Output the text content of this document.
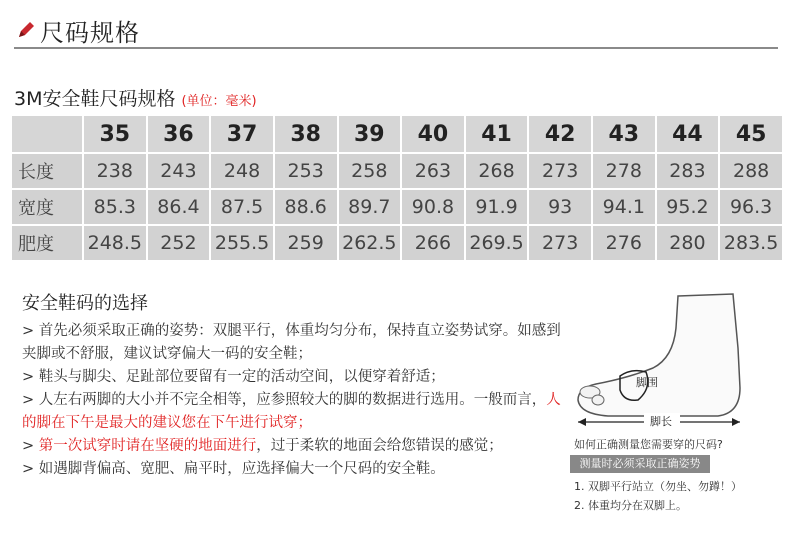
尺码规格
3M安全鞋尺码规格 (单位：毫米)
	35	36	37	38	39	40	41	42	43	44	45
长度	238	243	248	253	258	263	268	273	278	283	288
宽度	85.3	86.4	87.5	88.6	89.7	90.8	91.9	93	94.1	95.2	96.3
肥度	248.5	252	255.5	259	262.5	266	269.5	273	276	280	283.5
安全鞋码的选择
> 首先必须采取正确的姿势：双腿平行，体重均匀分布，保持直立姿势试穿。如感到夹脚或不舒服，建议试穿偏大一码的安全鞋；
> 鞋头与脚尖、足趾部位要留有一定的活动空间，以便穿着舒适；
> 人左右两脚的大小并不完全相等，应参照较大的脚的数据进行选用。一般而言，人的脚在下午是最大的建议您在下午进行试穿；
> 第一次试穿时请在坚硬的地面进行，过于柔软的地面会给您错误的感觉；
> 如遇脚背偏高、宽肥、扁平时，应选择偏大一个尺码的安全鞋。
脚围
脚长
如何正确测量您需要穿的尺码?
测量时必须采取正确姿势
1. 双脚平行站立（勿坐、勿蹲！）
2. 体重均分在双脚上。
